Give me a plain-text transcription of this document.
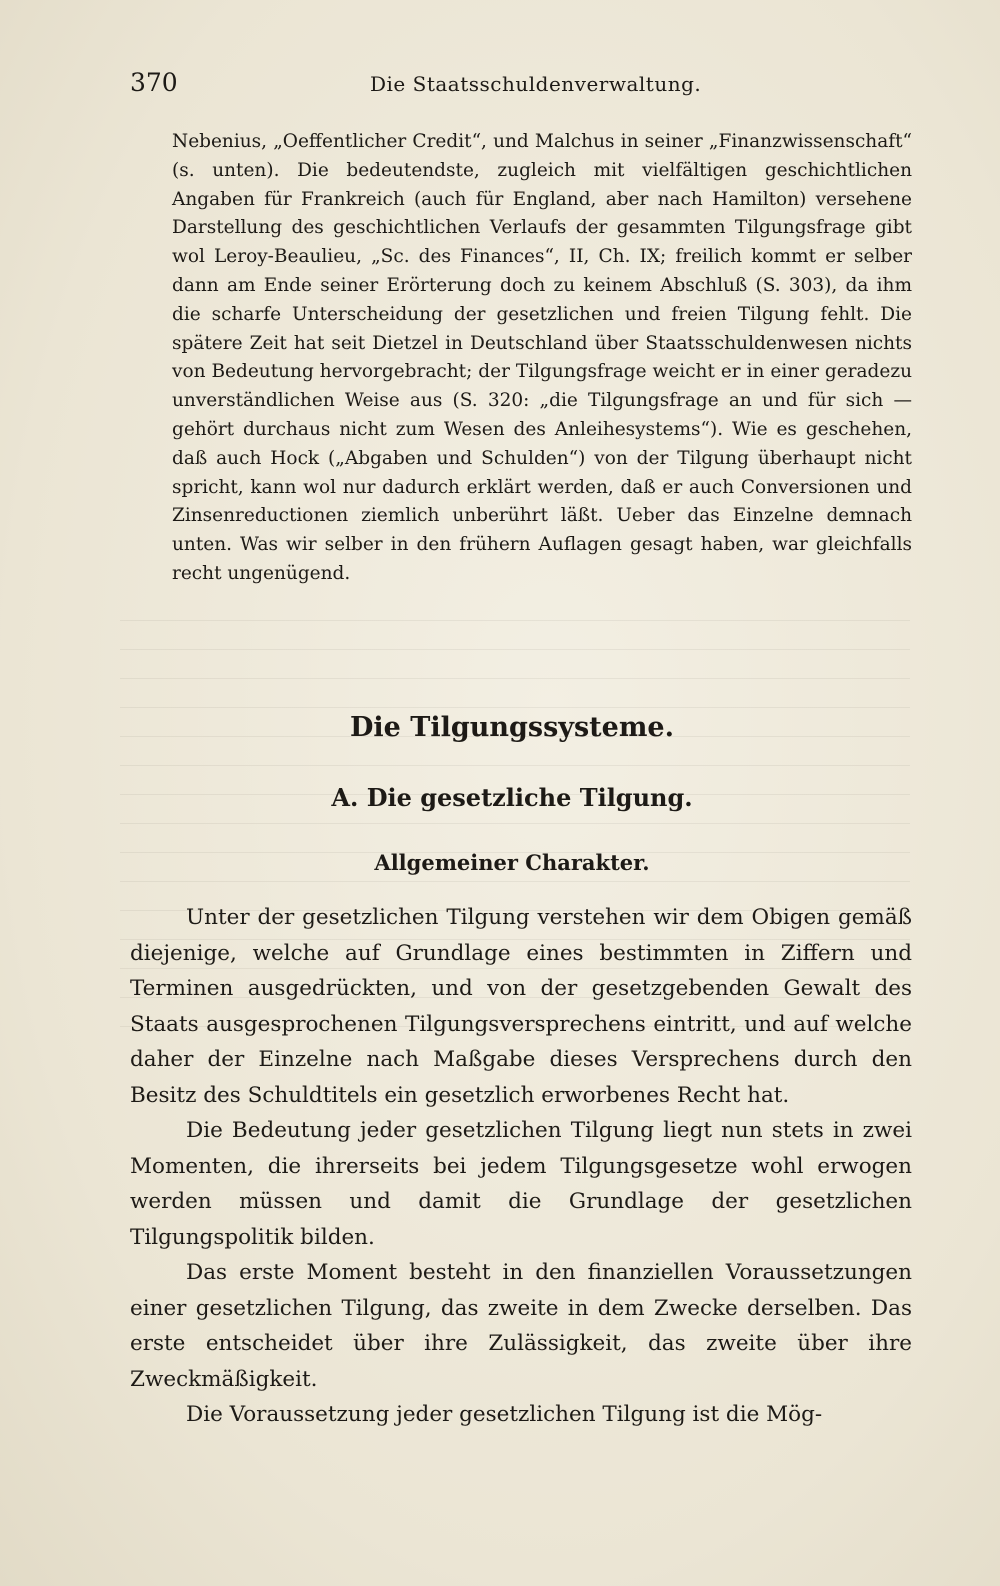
370	Die Staatsschuldenverwaltung.

Nebenius, „Oeffentlicher Credit“, und Malchus in seiner „Finanzwissenschaft“ (s. unten). Die bedeutendste, zugleich mit vielfältigen geschichtlichen Angaben für Frankreich (auch für England, aber nach Hamilton) versehene Darstellung des geschichtlichen Verlaufs der gesammten Tilgungsfrage gibt wol Leroy-Beaulieu, „Sc. des Finances“, II, Ch. IX; freilich kommt er selber dann am Ende seiner Erörterung doch zu keinem Abschluß (S. 303), da ihm die scharfe Unterscheidung der gesetzlichen und freien Tilgung fehlt. Die spätere Zeit hat seit Dietzel in Deutschland über Staatsschuldenwesen nichts von Bedeutung hervorgebracht; der Tilgungsfrage weicht er in einer geradezu unverständlichen Weise aus (S. 320: „die Tilgungsfrage an und für sich — gehört durchaus nicht zum Wesen des Anleihesystems“). Wie es geschehen, daß auch Hock („Abgaben und Schulden“) von der Tilgung überhaupt nicht spricht, kann wol nur dadurch erklärt werden, daß er auch Conversionen und Zinsenreductionen ziemlich unberührt läßt. Ueber das Einzelne demnach unten. Was wir selber in den frühern Auflagen gesagt haben, war gleichfalls recht ungenügend.

Die Tilgungssysteme.
A. Die gesetzliche Tilgung.
Allgemeiner Charakter.

Unter der gesetzlichen Tilgung verstehen wir dem Obigen gemäß diejenige, welche auf Grundlage eines bestimmten in Ziffern und Terminen ausgedrückten, und von der gesetzgebenden Gewalt des Staats ausgesprochenen Tilgungsversprechens eintritt, und auf welche daher der Einzelne nach Maßgabe dieses Versprechens durch den Besitz des Schuldtitels ein gesetzlich erworbenes Recht hat.

Die Bedeutung jeder gesetzlichen Tilgung liegt nun stets in zwei Momenten, die ihrerseits bei jedem Tilgungsgesetze wohl erwogen werden müssen und damit die Grundlage der gesetzlichen Tilgungspolitik bilden.

Das erste Moment besteht in den finanziellen Voraussetzungen einer gesetzlichen Tilgung, das zweite in dem Zwecke derselben. Das erste entscheidet über ihre Zulässigkeit, das zweite über ihre Zweckmäßigkeit.

Die Voraussetzung jeder gesetzlichen Tilgung ist die Mög-
